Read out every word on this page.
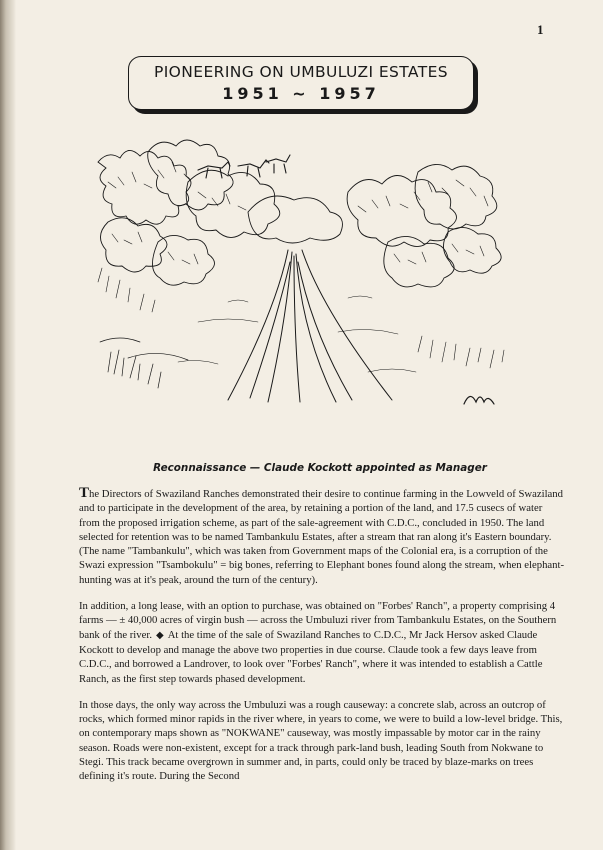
1
PIONEERING ON UMBULUZI ESTATES
1951 ~ 1957
Reconnaissance — Claude Kockott appointed as Manager

The Directors of Swaziland Ranches demonstrated their desire to continue farming in the Lowveld of Swaziland and to participate in the development of the area, by retaining a portion of the land, and 17.5 cusecs of water from the proposed irrigation scheme, as part of the sale-agreement with C.D.C., concluded in 1950. The land selected for retention was to be named Tambankulu Estates, after a stream that ran along it's Eastern boundary. (The name "Tambankulu", which was taken from Government maps of the Colonial era, is a corruption of the Swazi expression "Tsambokulu" = big bones, referring to Elephant bones found along the stream, when elephant-hunting was at it's peak, around the turn of the century).

In addition, a long lease, with an option to purchase, was obtained on "Forbes' Ranch", a property comprising 4 farms — ± 40,000 acres of virgin bush — across the Umbuluzi river from Tambankulu Estates, on the Southern bank of the river. ◆ At the time of the sale of Swaziland Ranches to C.D.C., Mr Jack Hersov asked Claude Kockott to develop and manage the above two properties in due course. Claude took a few days leave from C.D.C., and borrowed a Landrover, to look over "Forbes' Ranch", where it was intended to establish a Cattle Ranch, as the first step towards phased development.

In those days, the only way across the Umbuluzi was a rough causeway: a concrete slab, across an outcrop of rocks, which formed minor rapids in the river where, in years to come, we were to build a low-level bridge. This, on contemporary maps shown as "NOKWANE" causeway, was mostly impassable by motor car in the rainy season. Roads were non-existent, except for a track through park-land bush, leading South from Nokwane to Stegi. This track became overgrown in summer and, in parts, could only be traced by blaze-marks on trees defining it's route. During the Second
